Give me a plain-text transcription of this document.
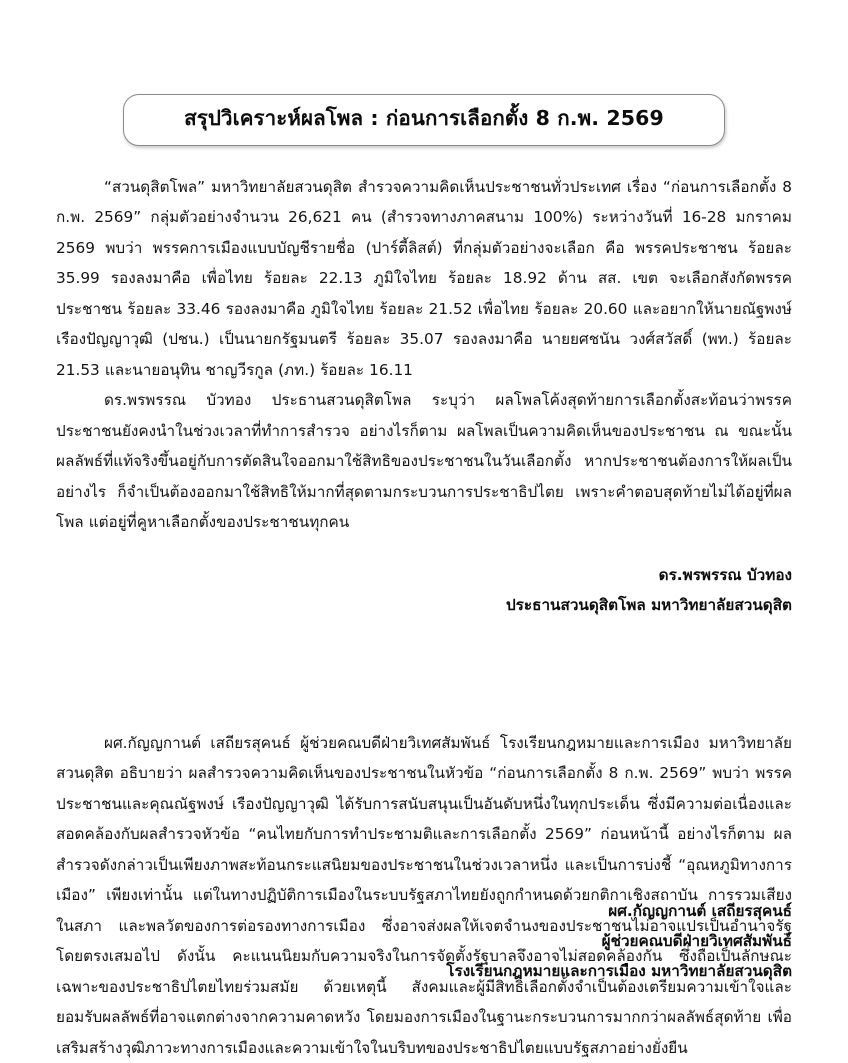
สรุปวิเคราะห์ผลโพล : ก่อนการเลือกตั้ง 8 ก.พ. 2569

“สวนดุสิตโพล” มหาวิทยาลัยสวนดุสิต สำรวจความคิดเห็นประชาชนทั่วประเทศ เรื่อง “ก่อนการเลือกตั้ง 8 ก.พ. 2569” กลุ่มตัวอย่างจำนวน 26,621 คน (สำรวจทางภาคสนาม 100%) ระหว่างวันที่ 16-28 มกราคม 2569 พบว่า พรรคการเมืองแบบบัญชีรายชื่อ (ปาร์ตี้ลิสต์) ที่กลุ่มตัวอย่างจะเลือก คือ พรรคประชาชน ร้อยละ 35.99 รองลงมาคือ เพื่อไทย ร้อยละ 22.13 ภูมิใจไทย ร้อยละ 18.92 ด้าน สส. เขต จะเลือกสังกัดพรรคประชาชน ร้อยละ 33.46 รองลงมาคือ ภูมิใจไทย ร้อยละ 21.52 เพื่อไทย ร้อยละ 20.60 และอยากให้นายณัฐพงษ์ เรืองปัญญาวุฒิ (ปชน.) เป็นนายกรัฐมนตรี ร้อยละ 35.07 รองลงมาคือ นายยศชนัน วงศ์สวัสดิ์ (พท.) ร้อยละ 21.53 และนายอนุทิน ชาญวีรกูล (ภท.) ร้อยละ 16.11

ดร.พรพรรณ บัวทอง ประธานสวนดุสิตโพล ระบุว่า ผลโพลโค้งสุดท้ายการเลือกตั้งสะท้อนว่าพรรคประชาชนยังคงนำในช่วงเวลาที่ทำการสำรวจ อย่างไรก็ตาม ผลโพลเป็นความคิดเห็นของประชาชน ณ ขณะนั้น ผลลัพธ์ที่แท้จริงขึ้นอยู่กับการตัดสินใจออกมาใช้สิทธิของประชาชนในวันเลือกตั้ง หากประชาชนต้องการให้ผลเป็นอย่างไร ก็จำเป็นต้องออกมาใช้สิทธิให้มากที่สุดตามกระบวนการประชาธิปไตย เพราะคำตอบสุดท้ายไม่ได้อยู่ที่ผลโพล แต่อยู่ที่คูหาเลือกตั้งของประชาชนทุกคน

ดร.พรพรรณ บัวทอง
ประธานสวนดุสิตโพล มหาวิทยาลัยสวนดุสิต

ผศ.กัญญกานต์ เสถียรสุคนธ์ ผู้ช่วยคณบดีฝ่ายวิเทศสัมพันธ์ โรงเรียนกฎหมายและการเมือง มหาวิทยาลัยสวนดุสิต อธิบายว่า ผลสำรวจความคิดเห็นของประชาชนในหัวข้อ “ก่อนการเลือกตั้ง 8 ก.พ. 2569” พบว่า พรรคประชาชนและคุณณัฐพงษ์ เรืองปัญญาวุฒิ ได้รับการสนับสนุนเป็นอันดับหนึ่งในทุกประเด็น ซึ่งมีความต่อเนื่องและสอดคล้องกับผลสำรวจหัวข้อ “คนไทยกับการทำประชามติและการเลือกตั้ง 2569” ก่อนหน้านี้ อย่างไรก็ตาม ผลสำรวจดังกล่าวเป็นเพียงภาพสะท้อนกระแสนิยมของประชาชนในช่วงเวลาหนึ่ง และเป็นการบ่งชี้ “อุณหภูมิทางการเมือง” เพียงเท่านั้น แต่ในทางปฏิบัติการเมืองในระบบรัฐสภาไทยยังถูกกำหนดด้วยกติกาเชิงสถาบัน การรวมเสียงในสภา และพลวัตของการต่อรองทางการเมือง ซึ่งอาจส่งผลให้เจตจำนงของประชาชนไม่อาจแปรเป็นอำนาจรัฐโดยตรงเสมอไป ดังนั้น คะแนนนิยมกับความจริงในการจัดตั้งรัฐบาลจึงอาจไม่สอดคล้องกัน ซึ่งถือเป็นลักษณะเฉพาะของประชาธิปไตยไทยร่วมสมัย ด้วยเหตุนี้ สังคมและผู้มีสิทธิเลือกตั้งจำเป็นต้องเตรียมความเข้าใจและยอมรับผลลัพธ์ที่อาจแตกต่างจากความคาดหวัง โดยมองการเมืองในฐานะกระบวนการมากกว่าผลลัพธ์สุดท้าย เพื่อเสริมสร้างวุฒิภาวะทางการเมืองและความเข้าใจในบริบทของประชาธิปไตยแบบรัฐสภาอย่างยั่งยืน

ผศ.กัญญกานต์ เสถียรสุคนธ์
ผู้ช่วยคณบดีฝ่ายวิเทศสัมพันธ์
โรงเรียนกฎหมายและการเมือง มหาวิทยาลัยสวนดุสิต
